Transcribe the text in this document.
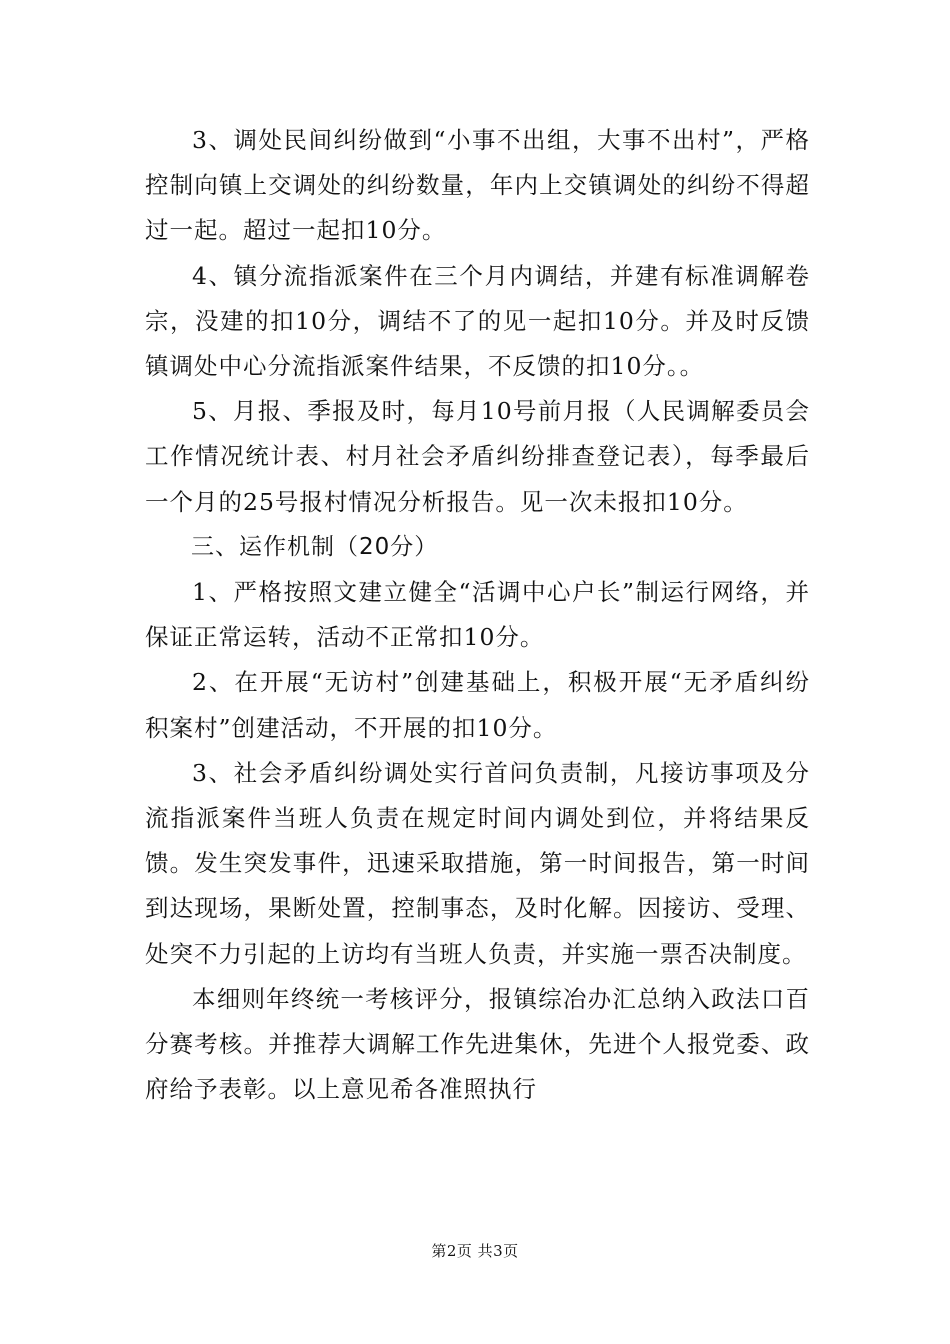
3、调处民间纠纷做到“小事不出组，大事不出村”，严格控制向镇上交调处的纠纷数量，年内上交镇调处的纠纷不得超过一起。超过一起扣10分。

4、镇分流指派案件在三个月内调结，并建有标准调解卷宗，没建的扣10分，调结不了的见一起扣10分。并及时反馈镇调处中心分流指派案件结果，不反馈的扣10分。。

5、月报、季报及时，每月10号前月报（人民调解委员会工作情况统计表、村月社会矛盾纠纷排查登记表），每季最后一个月的25号报村情况分析报告。见一次未报扣10分。

三、运作机制（20分）

1、严格按照文建立健全“活调中心户长”制运行网络，并保证正常运转，活动不正常扣10分。

2、在开展“无访村”创建基础上，积极开展“无矛盾纠纷积案村”创建活动，不开展的扣10分。

3、社会矛盾纠纷调处实行首问负责制，凡接访事项及分流指派案件当班人负责在规定时间内调处到位，并将结果反馈。发生突发事件，迅速采取措施，第一时间报告，第一时间到达现场，果断处置，控制事态，及时化解。因接访、受理、处突不力引起的上访均有当班人负责，并实施一票否决制度。

本细则年终统一考核评分，报镇综冶办汇总纳入政法口百分赛考核。并推荐大调解工作先进集休，先进个人报党委、政府给予表彰。以上意见希各准照执行

第2页 共3页
